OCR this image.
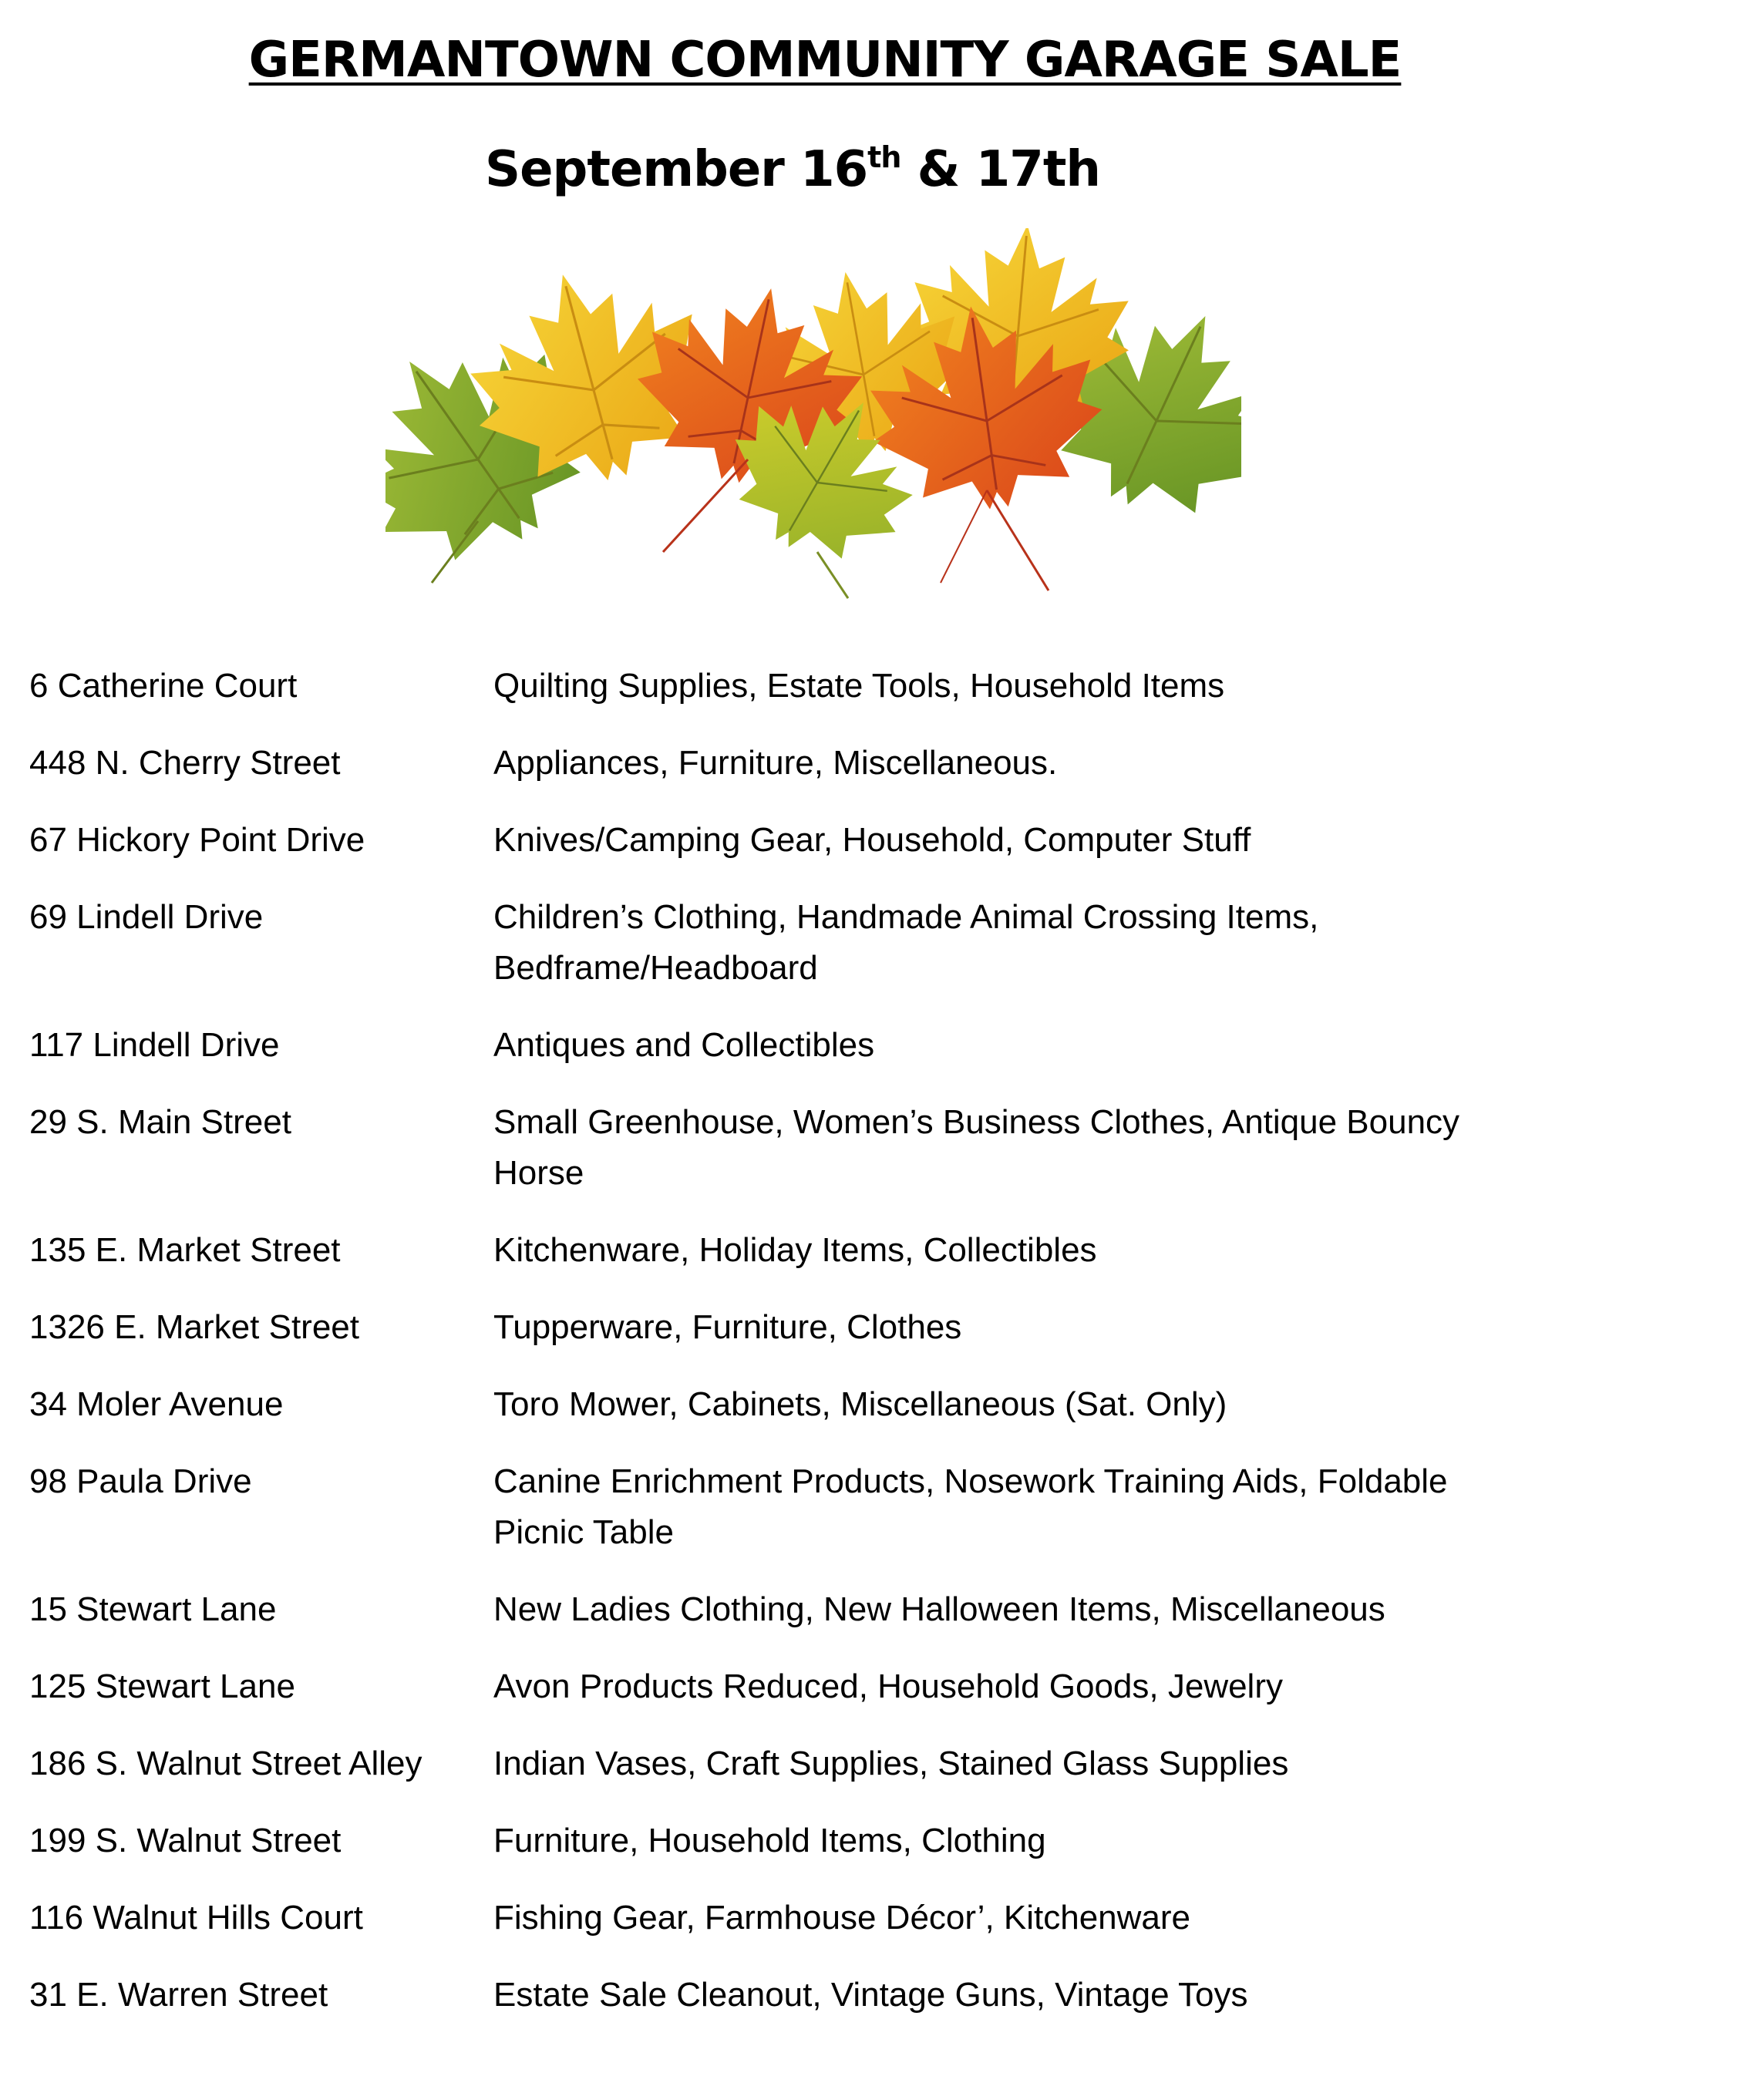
GERMANTOWN COMMUNITY GARAGE SALE
September 16th & 17th
6 Catherine Court	Quilting Supplies, Estate Tools, Household Items
448 N. Cherry Street	Appliances, Furniture, Miscellaneous.
67 Hickory Point Drive	Knives/Camping Gear, Household, Computer Stuff
69 Lindell Drive	Children’s Clothing, Handmade Animal Crossing Items, Bedframe/Headboard
117 Lindell Drive	Antiques and Collectibles
29 S. Main Street	Small Greenhouse, Women’s Business Clothes, Antique Bouncy Horse
135 E. Market Street	Kitchenware, Holiday Items, Collectibles
1326 E. Market Street	Tupperware, Furniture, Clothes
34 Moler Avenue	Toro Mower, Cabinets, Miscellaneous (Sat. Only)
98 Paula Drive	Canine Enrichment Products, Nosework Training Aids, Foldable Picnic Table
15 Stewart Lane	New Ladies Clothing, New Halloween Items, Miscellaneous
125 Stewart Lane	Avon Products Reduced, Household Goods, Jewelry
186 S. Walnut Street Alley	Indian Vases, Craft Supplies, Stained Glass Supplies
199 S. Walnut Street	Furniture, Household Items, Clothing
116 Walnut Hills Court	Fishing Gear, Farmhouse Décor’, Kitchenware
31 E. Warren Street	Estate Sale Cleanout, Vintage Guns, Vintage Toys
